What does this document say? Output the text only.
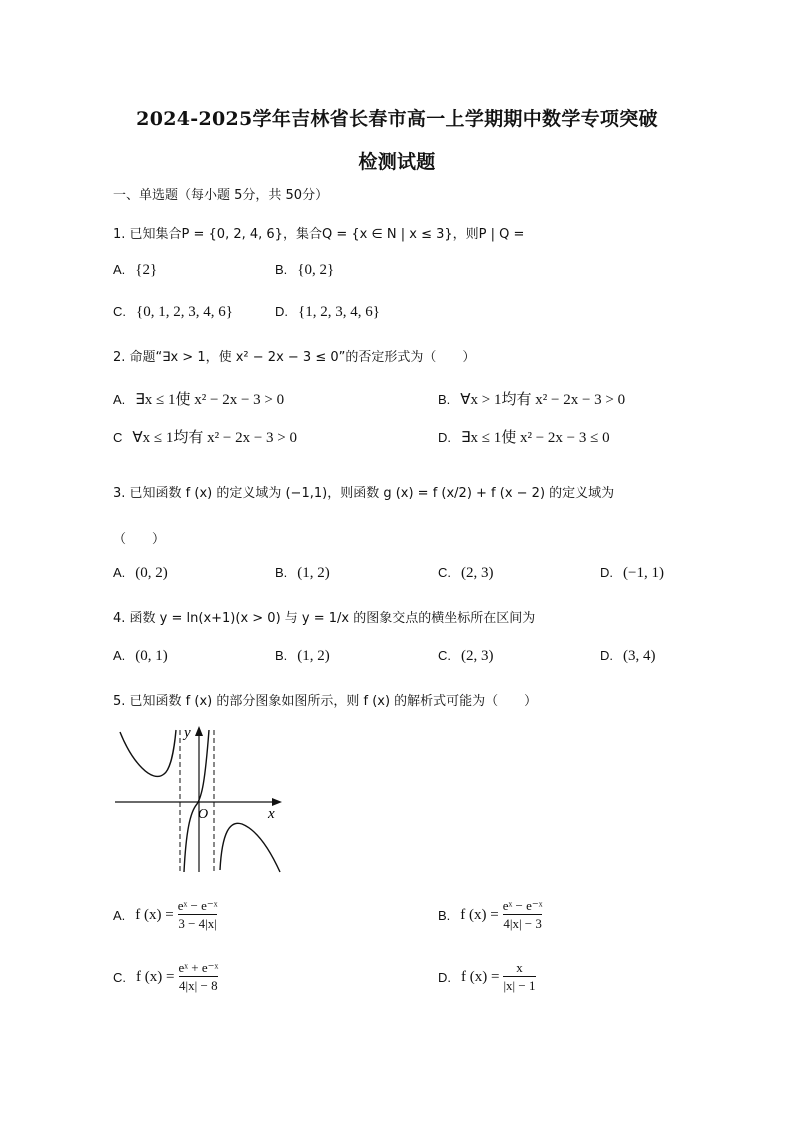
2024-2025学年吉林省长春市高一上学期期中数学专项突破
检测试题
一、单选题（每小题 5分，共 50分）
1. 已知集合P = {0, 2, 4, 6}，集合Q = {x ∈ N | x ≤ 3}，则P | Q =
A. {2}	B. {0, 2}
C. {0, 1, 2, 3, 4, 6}	D. {1, 2, 3, 4, 6}
2. 命题“∃x > 1，使 x² − 2x − 3 ≤ 0”的否定形式为（　　）
A. ∃x ≤ 1使 x² − 2x − 3 > 0	B. ∀x > 1均有 x² − 2x − 3 > 0
C ∀x ≤ 1均有 x² − 2x − 3 > 0	D. ∃x ≤ 1使 x² − 2x − 3 ≤ 0
3. 已知函数 f (x) 的定义域为 (−1,1)，则函数 g (x) = f (x/2) + f (x − 2) 的定义域为
（　　）
A. (0, 2)	B. (1, 2)	C. (2, 3)	D. (−1, 1)
4. 函数 y = ln(x+1)(x > 0) 与 y = 1/x 的图象交点的横坐标所在区间为
A. (0, 1)	B. (1, 2)	C. (2, 3)	D. (3, 4)
5. 已知函数 f (x) 的部分图象如图所示，则 f (x) 的解析式可能为（　　）
y
x
O
A. f $(x) = \frac{\text{eˣ − e⁻ˣ}}{3 - 4|x|}$	B. f $(x) = \frac{\text{eˣ − e⁻ˣ}}{4|x| - 3}$
C. f $(x) = \frac{\text{eˣ + e⁻ˣ}}{4|x| - 8}$	D. f $(x) = \frac{x}{|x| - 1}$
